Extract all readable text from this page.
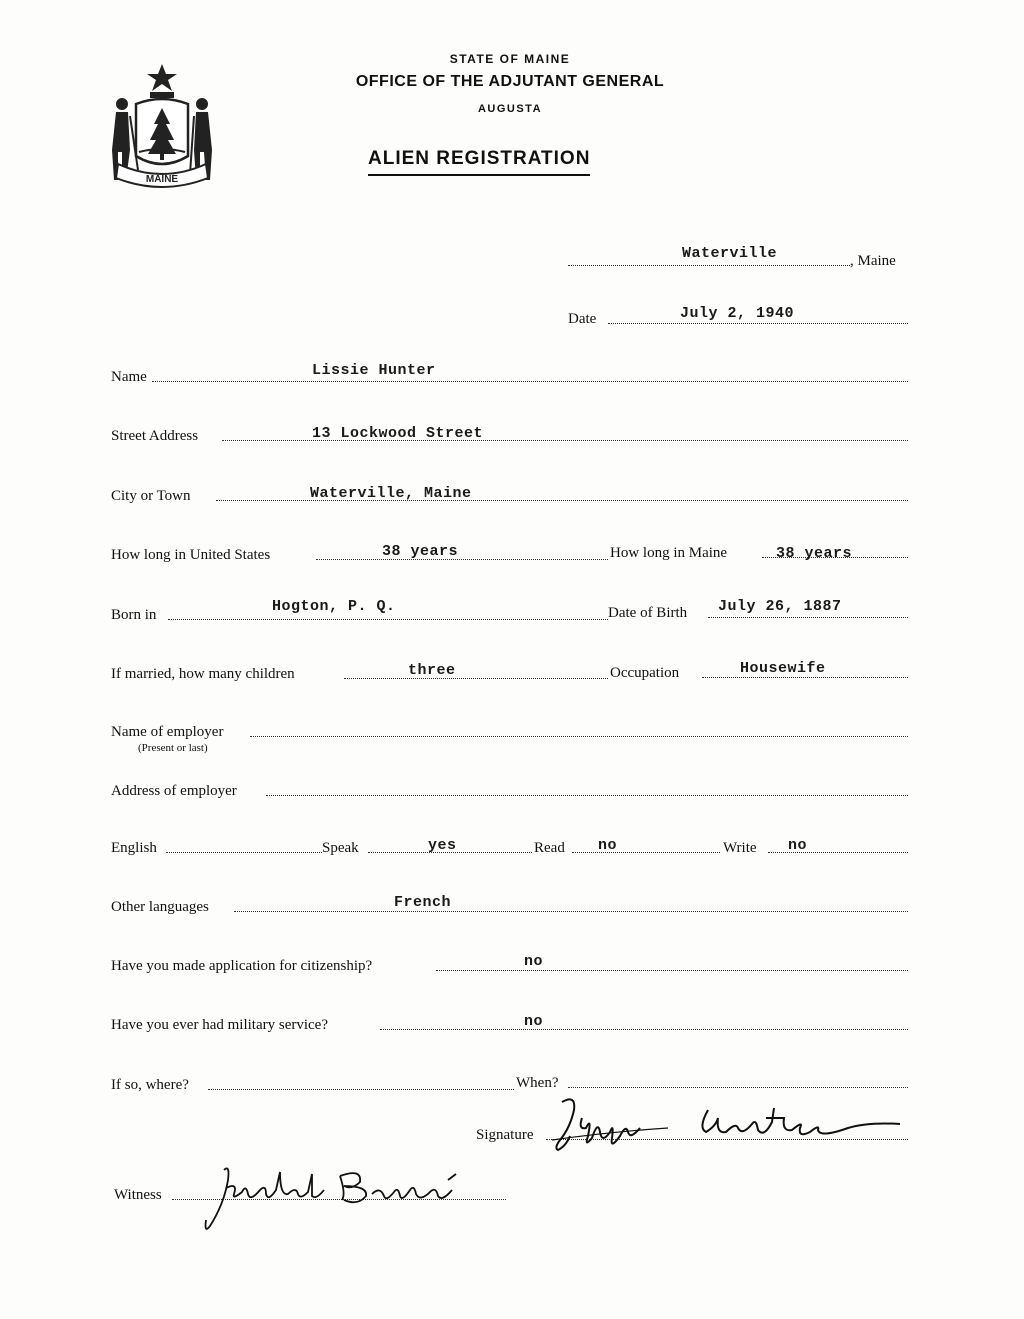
MAINE
STATE OF MAINE
OFFICE OF THE ADJUTANT GENERAL
AUGUSTA
ALIEN REGISTRATION
Waterville	, Maine
Date	July 2, 1940
Name	Lissie Hunter
Street Address	13 Lockwood Street
City or Town	Waterville, Maine
How long in United States	38 years	How long in Maine	38 years
Born in	Hogton, P. Q.	Date of Birth July 26, 1887
If married, how many children	three	Occupation	Housewife
Name of employer
(Present or last)
Address of employer
English	Speak	yes	Read no	Write no
Other languages	French
Have you made application for citizenship?	no
Have you ever had military service?	no
If so, where?	When?
Signature
Witness
